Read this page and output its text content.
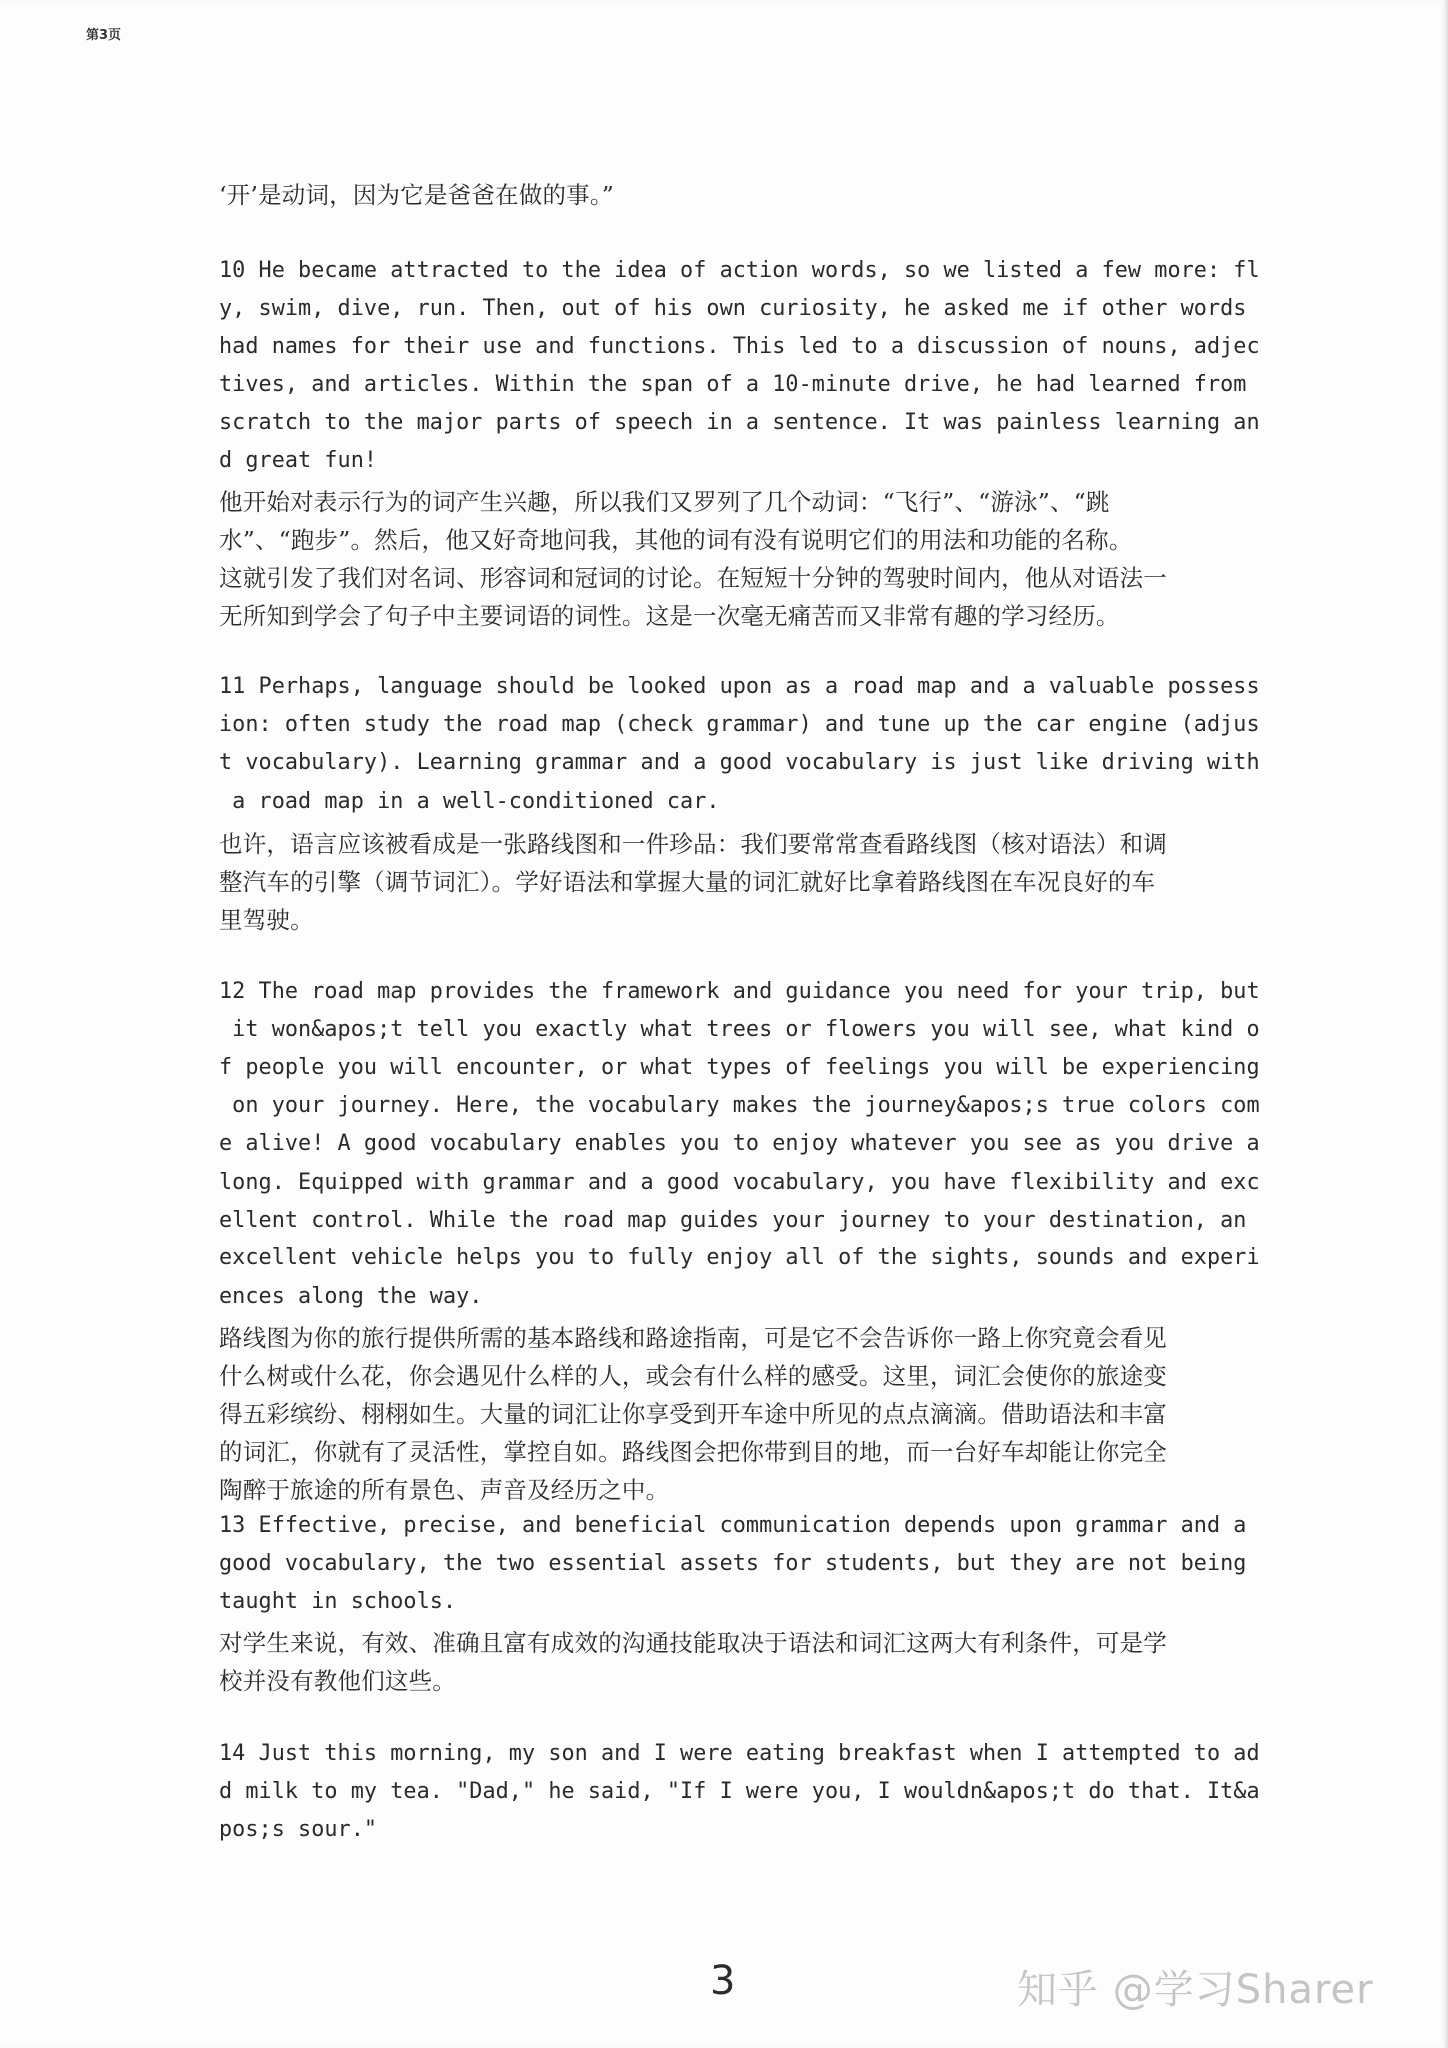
第3页
‘开’是动词，因为它是爸爸在做的事。”
10 He became attracted to the idea of action words, so we listed a few more: fl
y, swim, dive, run. Then, out of his own curiosity, he asked me if other words
had names for their use and functions. This led to a discussion of nouns, adjec
tives, and articles. Within the span of a 10-minute drive, he had learned from
scratch to the major parts of speech in a sentence. It was painless learning an
d great fun!
他开始对表示行为的词产生兴趣，所以我们又罗列了几个动词：“飞行”、“游泳”、“跳
水”、“跑步”。然后，他又好奇地问我，其他的词有没有说明它们的用法和功能的名称。
这就引发了我们对名词、形容词和冠词的讨论。在短短十分钟的驾驶时间内，他从对语法一
无所知到学会了句子中主要词语的词性。这是一次毫无痛苦而又非常有趣的学习经历。
11 Perhaps, language should be looked upon as a road map and a valuable possess
ion: often study the road map (check grammar) and tune up the car engine (adjus
t vocabulary). Learning grammar and a good vocabulary is just like driving with
a road map in a well-conditioned car.
也许，语言应该被看成是一张路线图和一件珍品：我们要常常查看路线图（核对语法）和调
整汽车的引擎（调节词汇）。学好语法和掌握大量的词汇就好比拿着路线图在车况良好的车
里驾驶。
12 The road map provides the framework and guidance you need for your trip, but
it won&apos;t tell you exactly what trees or flowers you will see, what kind o
f people you will encounter, or what types of feelings you will be experiencing
on your journey. Here, the vocabulary makes the journey&apos;s true colors com
e alive! A good vocabulary enables you to enjoy whatever you see as you drive a
long. Equipped with grammar and a good vocabulary, you have flexibility and exc
ellent control. While the road map guides your journey to your destination, an
excellent vehicle helps you to fully enjoy all of the sights, sounds and experi
ences along the way.
路线图为你的旅行提供所需的基本路线和路途指南，可是它不会告诉你一路上你究竟会看见
什么树或什么花，你会遇见什么样的人，或会有什么样的感受。这里，词汇会使你的旅途变
得五彩缤纷、栩栩如生。大量的词汇让你享受到开车途中所见的点点滴滴。借助语法和丰富
的词汇，你就有了灵活性，掌控自如。路线图会把你带到目的地，而一台好车却能让你完全
陶醉于旅途的所有景色、声音及经历之中。
13 Effective, precise, and beneficial communication depends upon grammar and a
good vocabulary, the two essential assets for students, but they are not being
taught in schools.
对学生来说，有效、准确且富有成效的沟通技能取决于语法和词汇这两大有利条件，可是学
校并没有教他们这些。
14 Just this morning, my son and I were eating breakfast when I attempted to ad
d milk to my tea. "Dad," he said, "If I were you, I wouldn&apos;t do that. It&a
pos;s sour."
3	知乎 @学习Sharer
